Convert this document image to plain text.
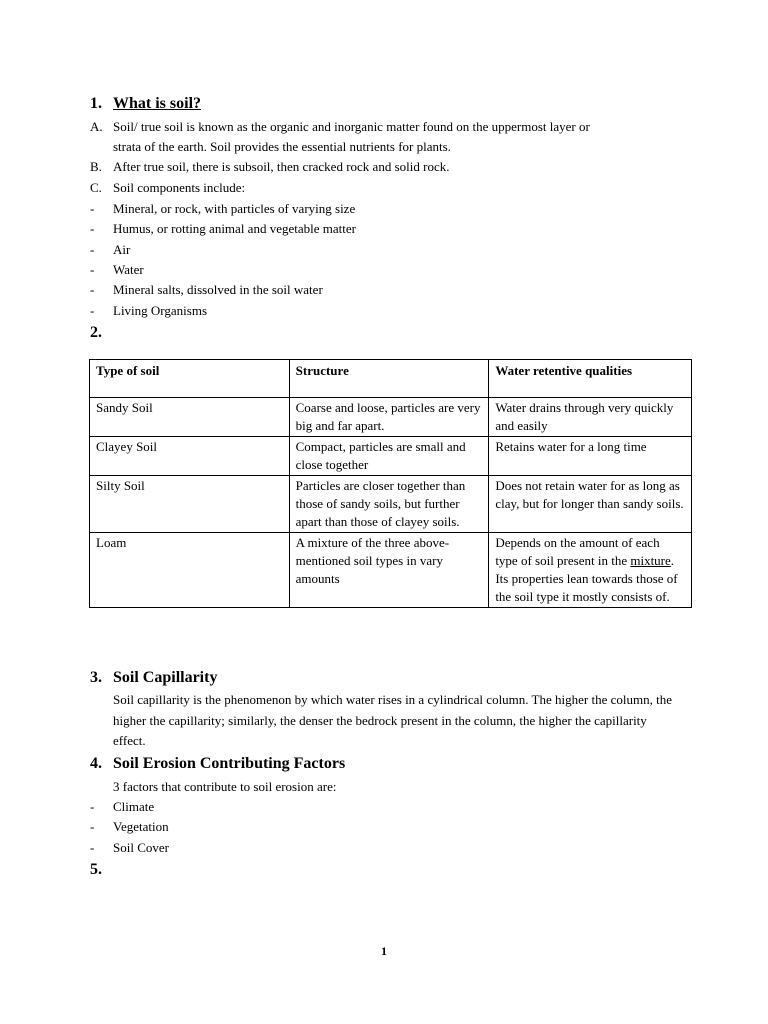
1. What is soil?
A. Soil/ true soil is known as the organic and inorganic matter found on the uppermost layer or
strata of the earth. Soil provides the essential nutrients for plants.
B. After true soil, there is subsoil, then cracked rock and solid rock.
C. Soil components include:
- Mineral, or rock, with particles of varying size
- Humus, or rotting animal and vegetable matter
- Air
- Water
- Mineral salts, dissolved in the soil water
- Living Organisms
2.
Type of soil	Structure	Water retentive qualities
Sandy Soil	Coarse and loose, particles are very big and far apart.	Water drains through very quickly and easily
Clayey Soil	Compact, particles are small and close together	Retains water for a long time
Silty Soil	Particles are closer together than those of sandy soils, but further apart than those of clayey soils.	Does not retain water for as long as clay, but for longer than sandy soils.
Loam	A mixture of the three above-mentioned soil types in vary amounts	Depends on the amount of each type of soil present in the mixture. Its properties lean towards those of the soil type it mostly consists of.
3. Soil Capillarity
Soil capillarity is the phenomenon by which water rises in a cylindrical column. The higher the column, the higher the capillarity; similarly, the denser the bedrock present in the column, the higher the capillarity effect.
4. Soil Erosion Contributing Factors
3 factors that contribute to soil erosion are:
- Climate
- Vegetation
- Soil Cover
5.
1
